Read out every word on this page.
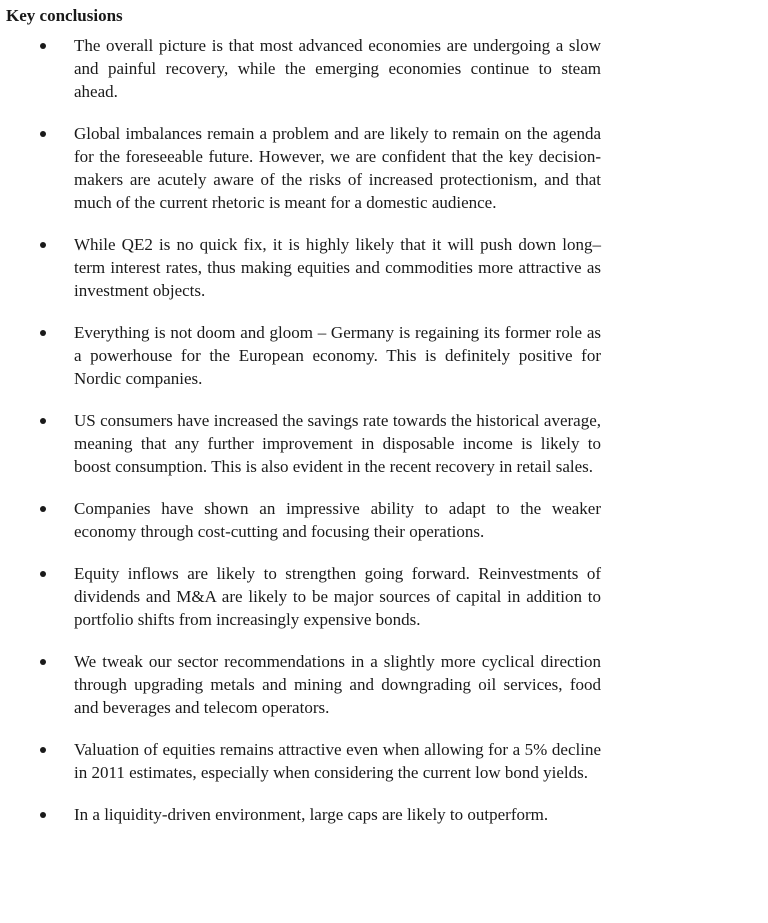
Key conclusions
The overall picture is that most advanced economies are undergoing a slow and painful recovery, while the emerging economies continue to steam ahead.
Global imbalances remain a problem and are likely to remain on the agenda for the foreseeable future. However, we are confident that the key decision-makers are acutely aware of the risks of increased protectionism, and that much of the current rhetoric is meant for a domestic audience.
While QE2 is no quick fix, it is highly likely that it will push down long–term interest rates, thus making equities and commodities more attractive as investment objects.
Everything is not doom and gloom – Germany is regaining its former role as a powerhouse for the European economy. This is definitely positive for Nordic companies.
US consumers have increased the savings rate towards the historical average, meaning that any further improvement in disposable income is likely to boost consumption. This is also evident in the recent recovery in retail sales.
Companies have shown an impressive ability to adapt to the weaker economy through cost-cutting and focusing their operations.
Equity inflows are likely to strengthen going forward. Reinvestments of dividends and M&A are likely to be major sources of capital in addition to portfolio shifts from increasingly expensive bonds.
We tweak our sector recommendations in a slightly more cyclical direction through upgrading metals and mining and downgrading oil services, food and beverages and telecom operators.
Valuation of equities remains attractive even when allowing for a 5% decline in 2011 estimates, especially when considering the current low bond yields.
In a liquidity-driven environment, large caps are likely to outperform.
